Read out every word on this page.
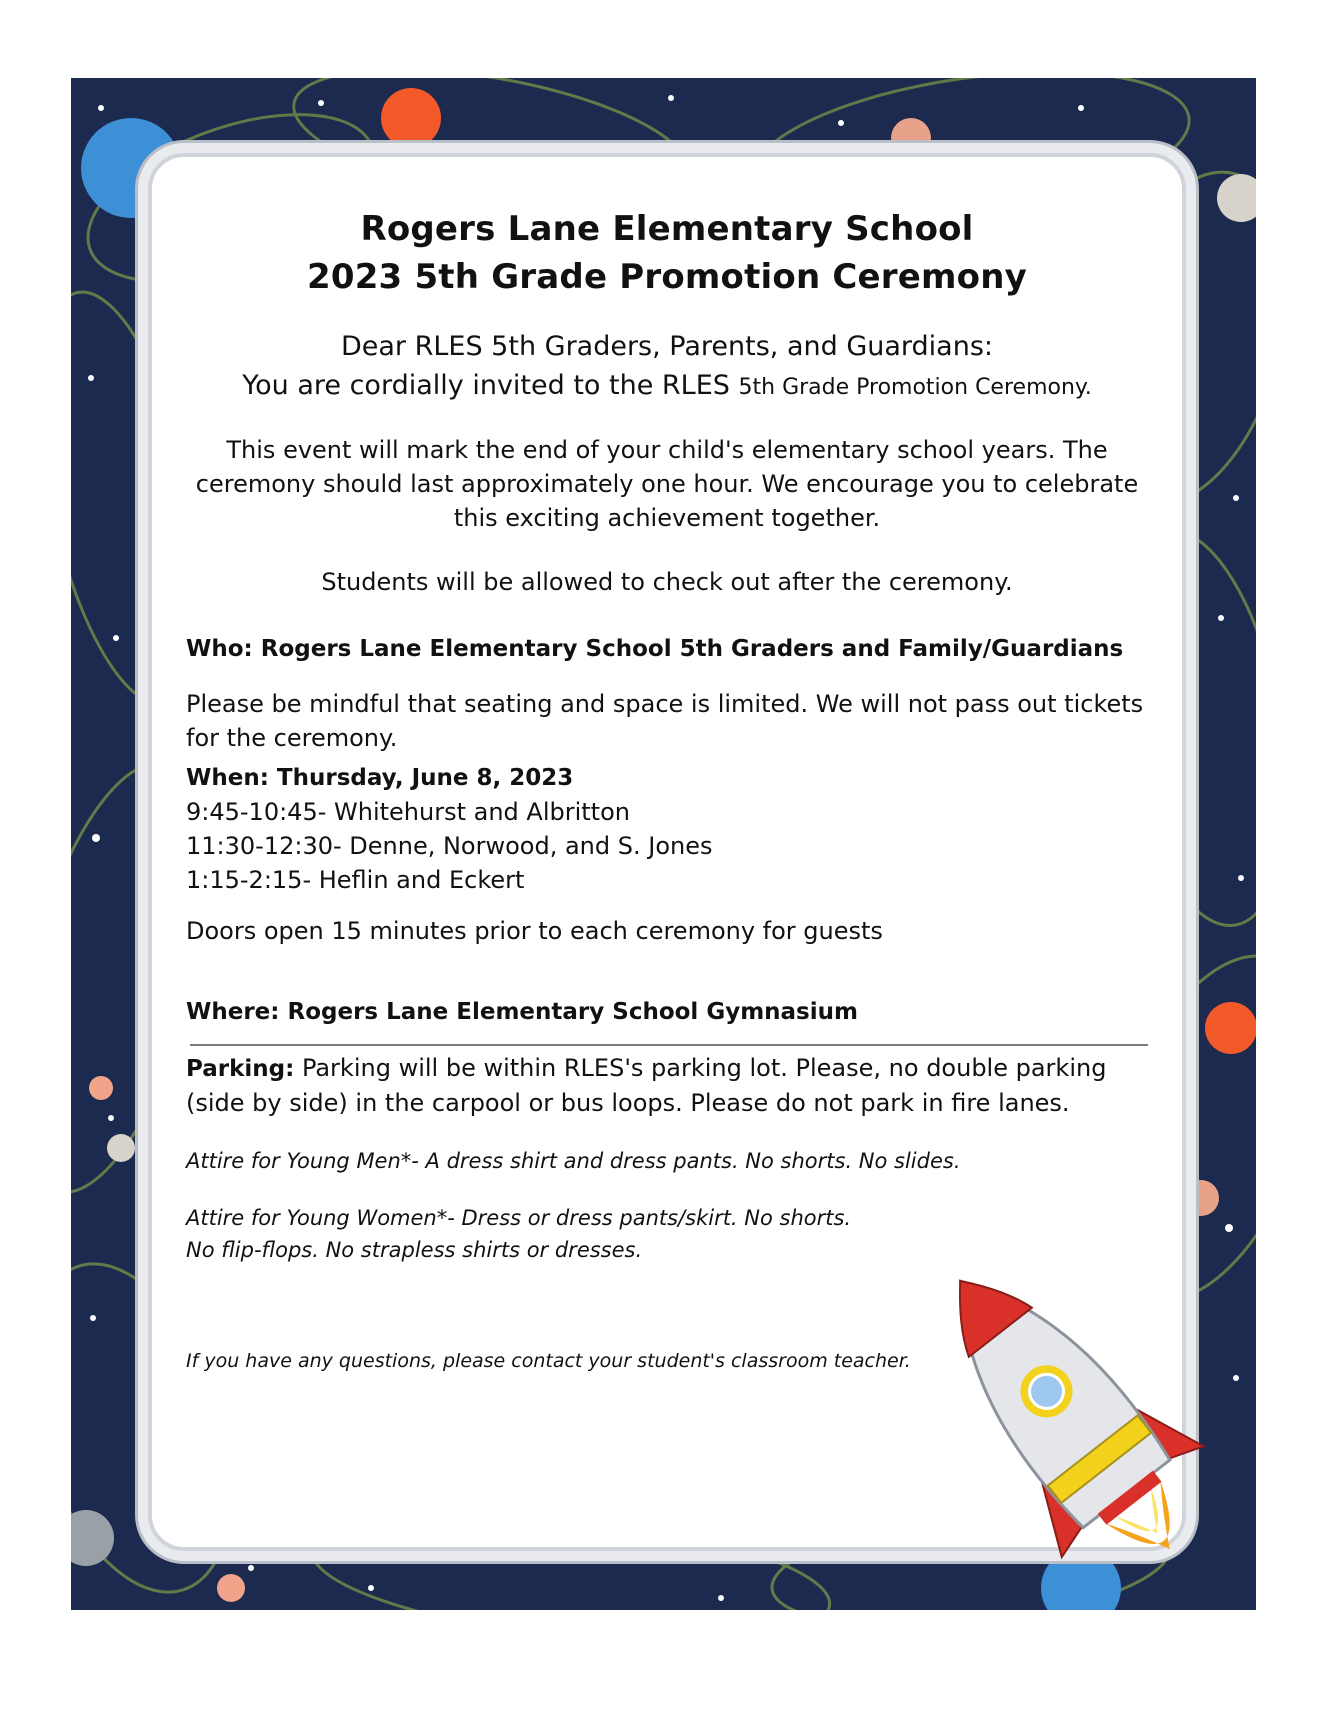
Rogers Lane Elementary School
2023 5th Grade Promotion Ceremony
Dear RLES 5th Graders, Parents, and Guardians:
You are cordially invited to the RLES 5th Grade Promotion Ceremony.
This event will mark the end of your child's elementary school years. The
ceremony should last approximately one hour. We encourage you to celebrate
this exciting achievement together.
Students will be allowed to check out after the ceremony.
Who: Rogers Lane Elementary School 5th Graders and Family/Guardians
Please be mindful that seating and space is limited. We will not pass out tickets
for the ceremony.
When: Thursday, June 8, 2023
9:45-10:45- Whitehurst and Albritton
11:30-12:30- Denne, Norwood, and S. Jones
1:15-2:15- Heflin and Eckert
Doors open 15 minutes prior to each ceremony for guests
Where: Rogers Lane Elementary School Gymnasium
Parking: Parking will be within RLES's parking lot. Please, no double parking
(side by side) in the carpool or bus loops. Please do not park in fire lanes.
Attire for Young Men*- A dress shirt and dress pants. No shorts. No slides.
Attire for Young Women*- Dress or dress pants/skirt. No shorts.
No flip-flops. No strapless shirts or dresses.
If you have any questions, please contact your student's classroom teacher.
